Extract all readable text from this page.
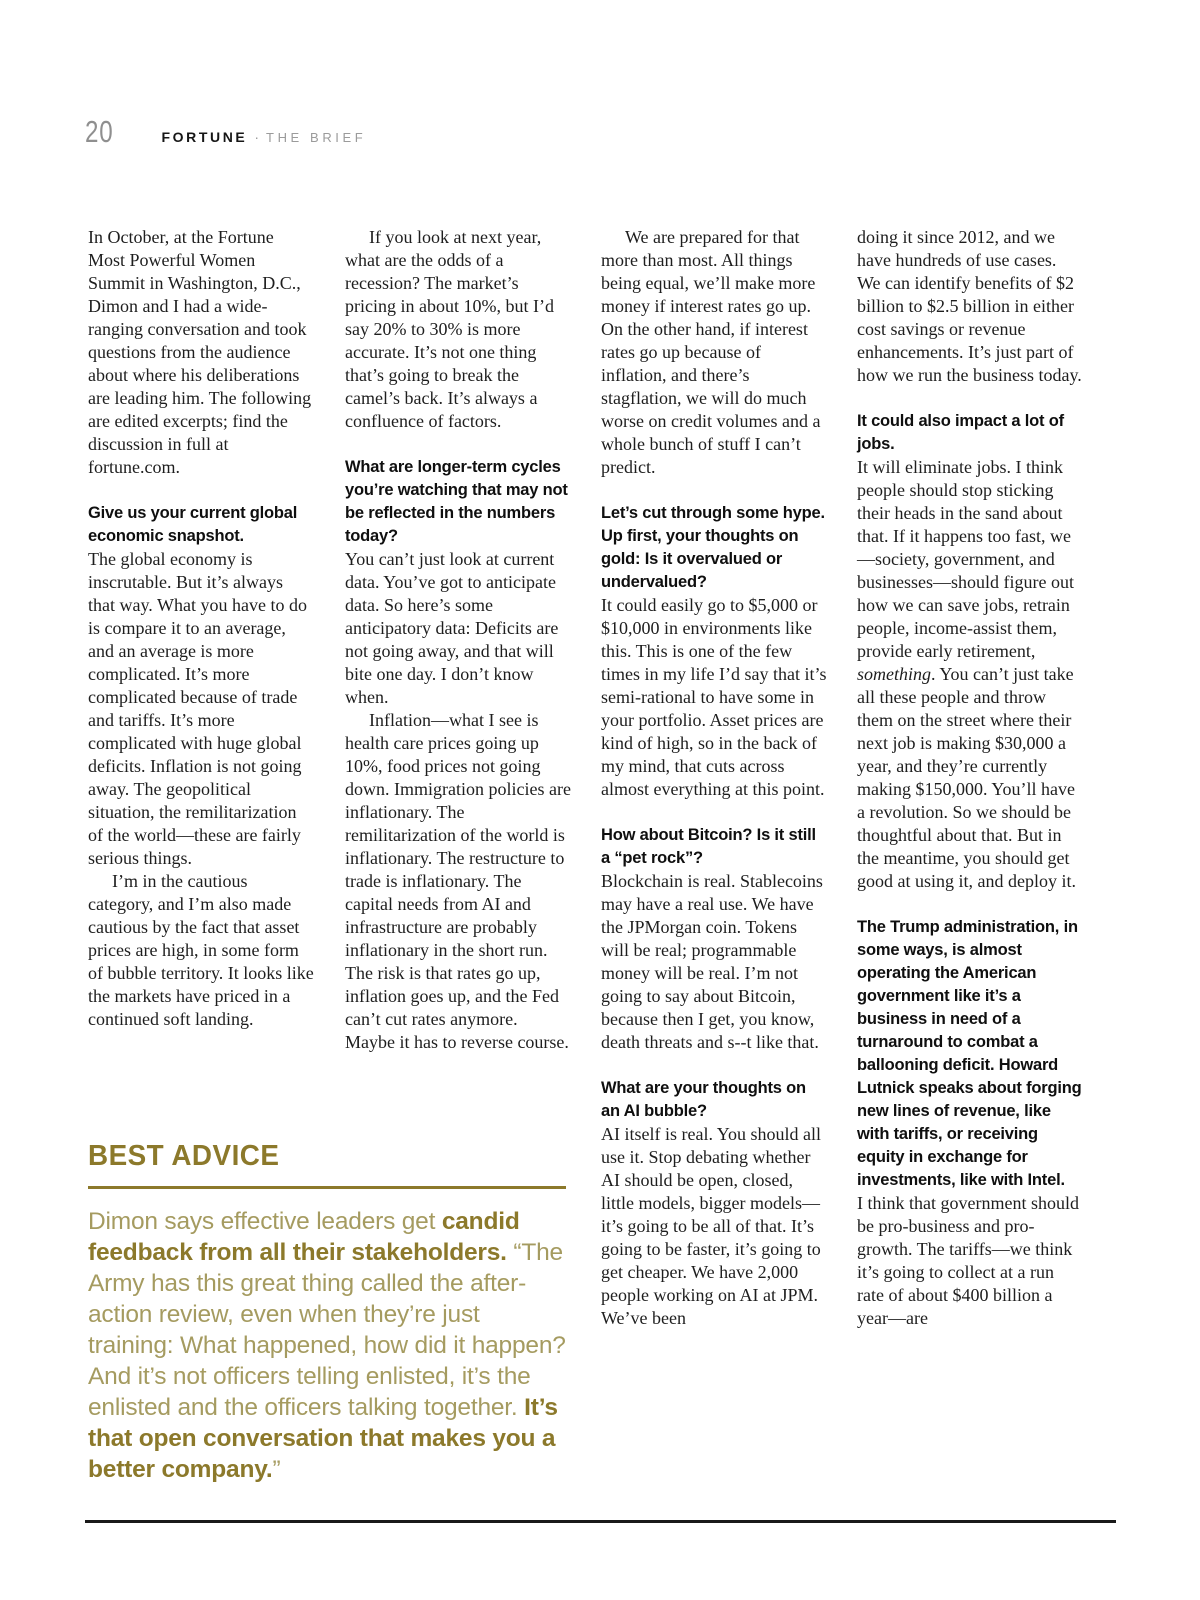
20	FORTUNE · THE BRIEF

In October, at the Fortune Most Powerful Women Summit in Washington, D.C., Dimon and I had a wide-ranging conversation and took questions from the audience about where his deliberations are leading him. The following are edited excerpts; find the discussion in full at fortune.com.

Give us your current global economic snapshot.

The global economy is inscrutable. But it’s always that way. What you have to do is compare it to an average, and an average is more complicated. It’s more complicated because of trade and tariffs. It’s more complicated with huge global deficits. Inflation is not going away. The geopolitical situation, the remilitarization of the world—these are fairly serious things.

I’m in the cautious category, and I’m also made cautious by the fact that asset prices are high, in some form of bubble territory. It looks like the markets have priced in a continued soft landing.

If you look at next year, what are the odds of a recession? The market’s pricing in about 10%, but I’d say 20% to 30% is more accurate. It’s not one thing that’s going to break the camel’s back. It’s always a confluence of factors.

What are longer-term cycles you’re watching that may not be reflected in the numbers today?

You can’t just look at current data. You’ve got to anticipate data. So here’s some anticipatory data: Deficits are not going away, and that will bite one day. I don’t know when.

Inflation—what I see is health care prices going up 10%, food prices not going down. Immigration policies are inflationary. The remilitarization of the world is inflationary. The restructure to trade is inflationary. The capital needs from AI and infrastructure are probably inflationary in the short run. The risk is that rates go up, inflation goes up, and the Fed can’t cut rates anymore. Maybe it has to reverse course.

We are prepared for that more than most. All things being equal, we’ll make more money if interest rates go up. On the other hand, if interest rates go up because of inflation, and there’s stagflation, we will do much worse on credit volumes and a whole bunch of stuff I can’t predict.

Let’s cut through some hype. Up first, your thoughts on gold: Is it overvalued or undervalued?

It could easily go to $5,000 or $10,000 in environments like this. This is one of the few times in my life I’d say that it’s semi-rational to have some in your portfolio. Asset prices are kind of high, so in the back of my mind, that cuts across almost everything at this point.

How about Bitcoin? Is it still a “pet rock”?

Blockchain is real. Stablecoins may have a real use. We have the JPMorgan coin. Tokens will be real; programmable money will be real. I’m not going to say about Bitcoin, because then I get, you know, death threats and s--t like that.

What are your thoughts on an AI bubble?

AI itself is real. You should all use it. Stop debating whether AI should be open, closed, little models, bigger models—it’s going to be all of that. It’s going to be faster, it’s going to get cheaper. We have 2,000 people working on AI at JPM. We’ve been

doing it since 2012, and we have hundreds of use cases. We can identify benefits of $2 billion to $2.5 billion in either cost savings or revenue enhancements. It’s just part of how we run the business today.

It could also impact a lot of jobs.

It will eliminate jobs. I think people should stop sticking their heads in the sand about that. If it happens too fast, we—society, government, and businesses—should figure out how we can save jobs, retrain people, income-assist them, provide early retirement, something. You can’t just take all these people and throw them on the street where their next job is making $30,000 a year, and they’re currently making $150,000. You’ll have a revolution. So we should be thoughtful about that. But in the meantime, you should get good at using it, and deploy it.

The Trump administration, in some ways, is almost operating the American government like it’s a business in need of a turnaround to combat a ballooning deficit. Howard Lutnick speaks about forging new lines of revenue, like with tariffs, or receiving equity in exchange for investments, like with Intel.

I think that government should be pro-business and pro-growth. The tariffs—we think it’s going to collect at a run rate of about $400 billion a year—are

BEST ADVICE

Dimon says effective leaders get candid feedback from all their stakeholders. “The Army has this great thing called the after-action review, even when they’re just training: What happened, how did it happen? And it’s not officers telling enlisted, it’s the enlisted and the officers talking together. It’s that open conversation that makes you a better company.”
